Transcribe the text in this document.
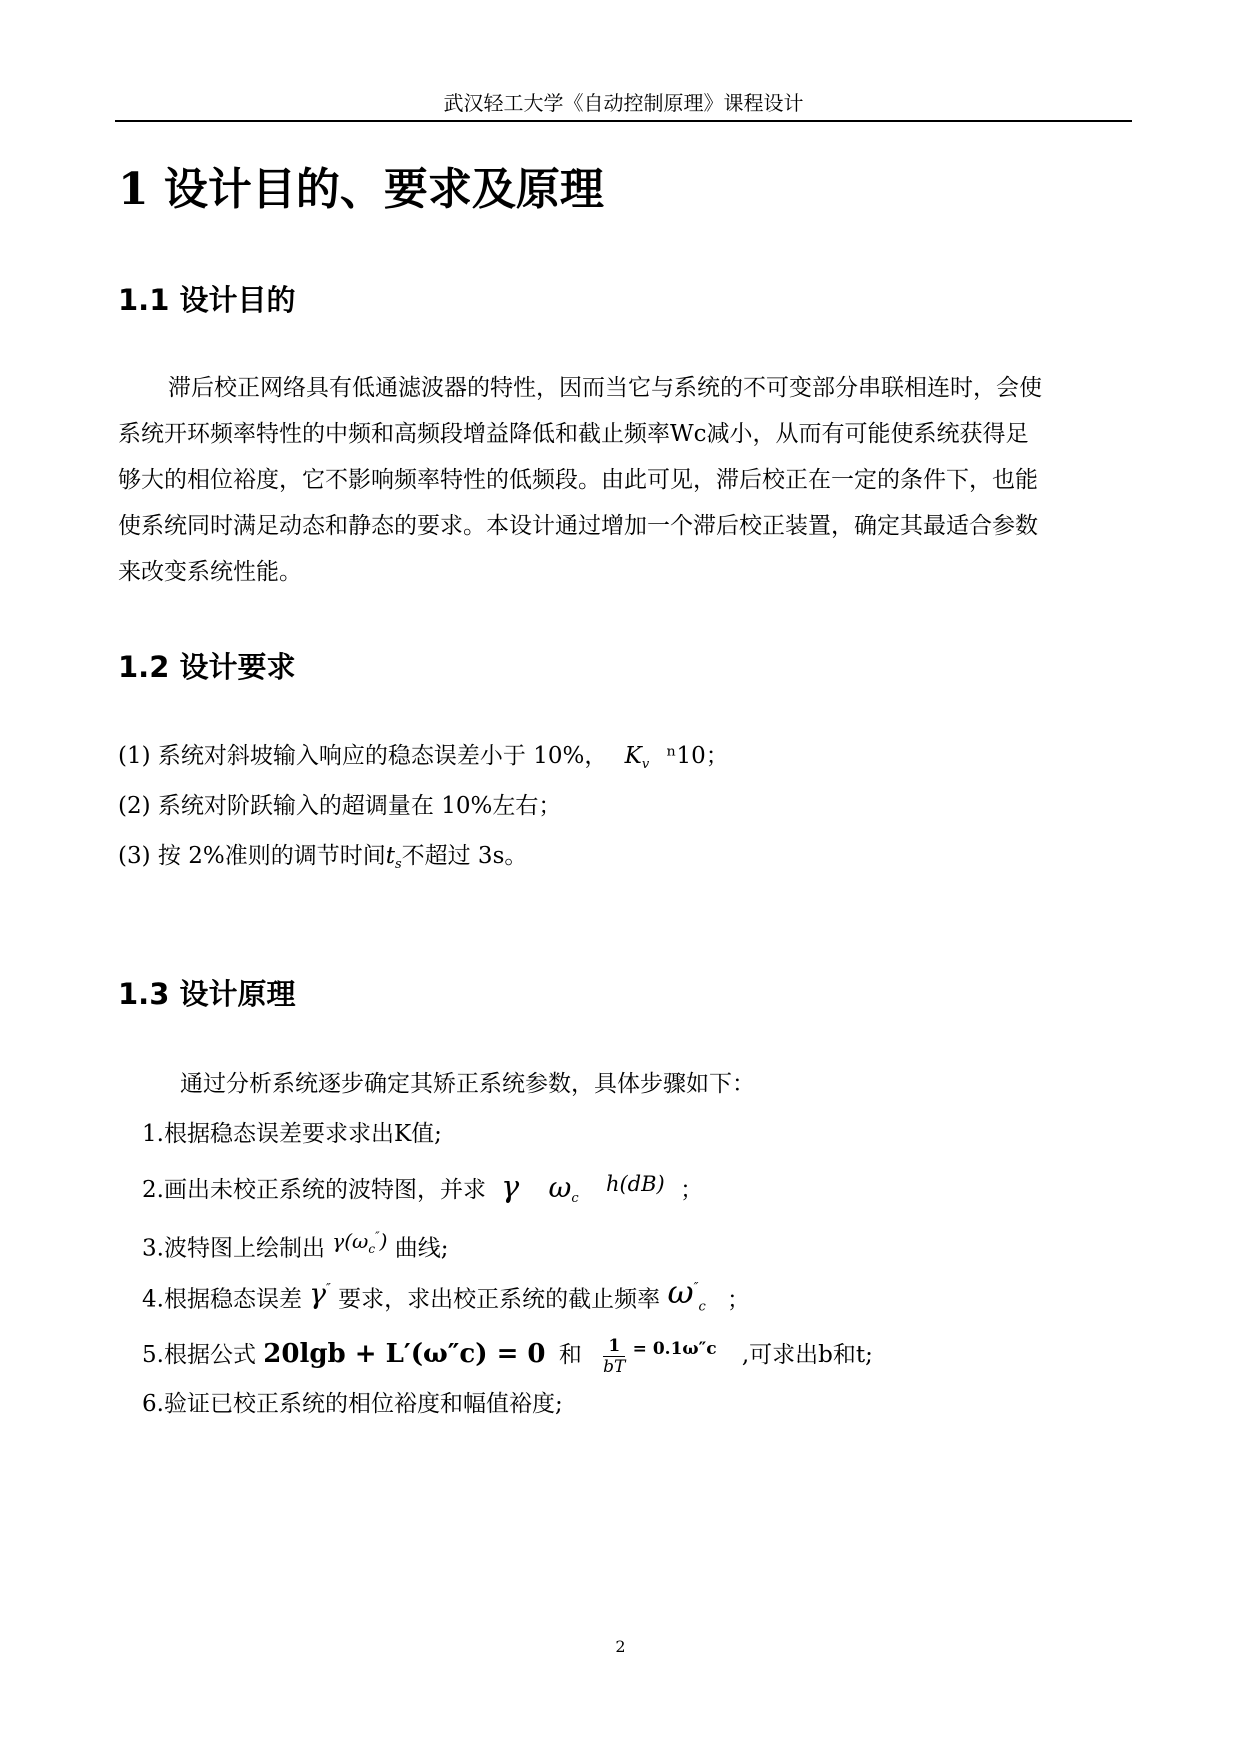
武汉轻工大学《自动控制原理》课程设计
1 设计目的、要求及原理
1.1 设计目的
滞后校正网络具有低通滤波器的特性，因而当它与系统的不可变部分串联相连时，会使
系统开环频率特性的中频和高频段增益降低和截止频率Wc减小，从而有可能使系统获得足
够大的相位裕度，它不影响频率特性的低频段。由此可见，滞后校正在一定的条件下，也能
使系统同时满足动态和静态的要求。本设计通过增加一个滞后校正装置，确定其最适合参数
来改变系统性能。
1.2 设计要求
(1) 系统对斜坡输入响应的稳态误差小于 10%， $K_v$ ⁿ10；
(2) 系统对阶跃输入的超调量在 10%左右；
(3) 按 2%准则的调节时间$t_s$不超过 3s。
1.3 设计原理
通过分析系统逐步确定其矫正系统参数，具体步骤如下：
1.根据稳态误差要求求出K值;
2.画出未校正系统的波特图，并求 γ $\omega_c$ h(dB) ；
3.波特图上绘制出 $\gamma(\omega_c'')$ 曲线;
4.根据稳态误差 γ″ 要求，求出校正系统的截止频率 $\omega''_c$ ；
5.根据公式 20lgb + L′(ω″c) = 0 和 $\frac{1}{bT} ^{= 0.1\omega''c}$ ,可求出b和t;
6.验证已校正系统的相位裕度和幅值裕度;
2
